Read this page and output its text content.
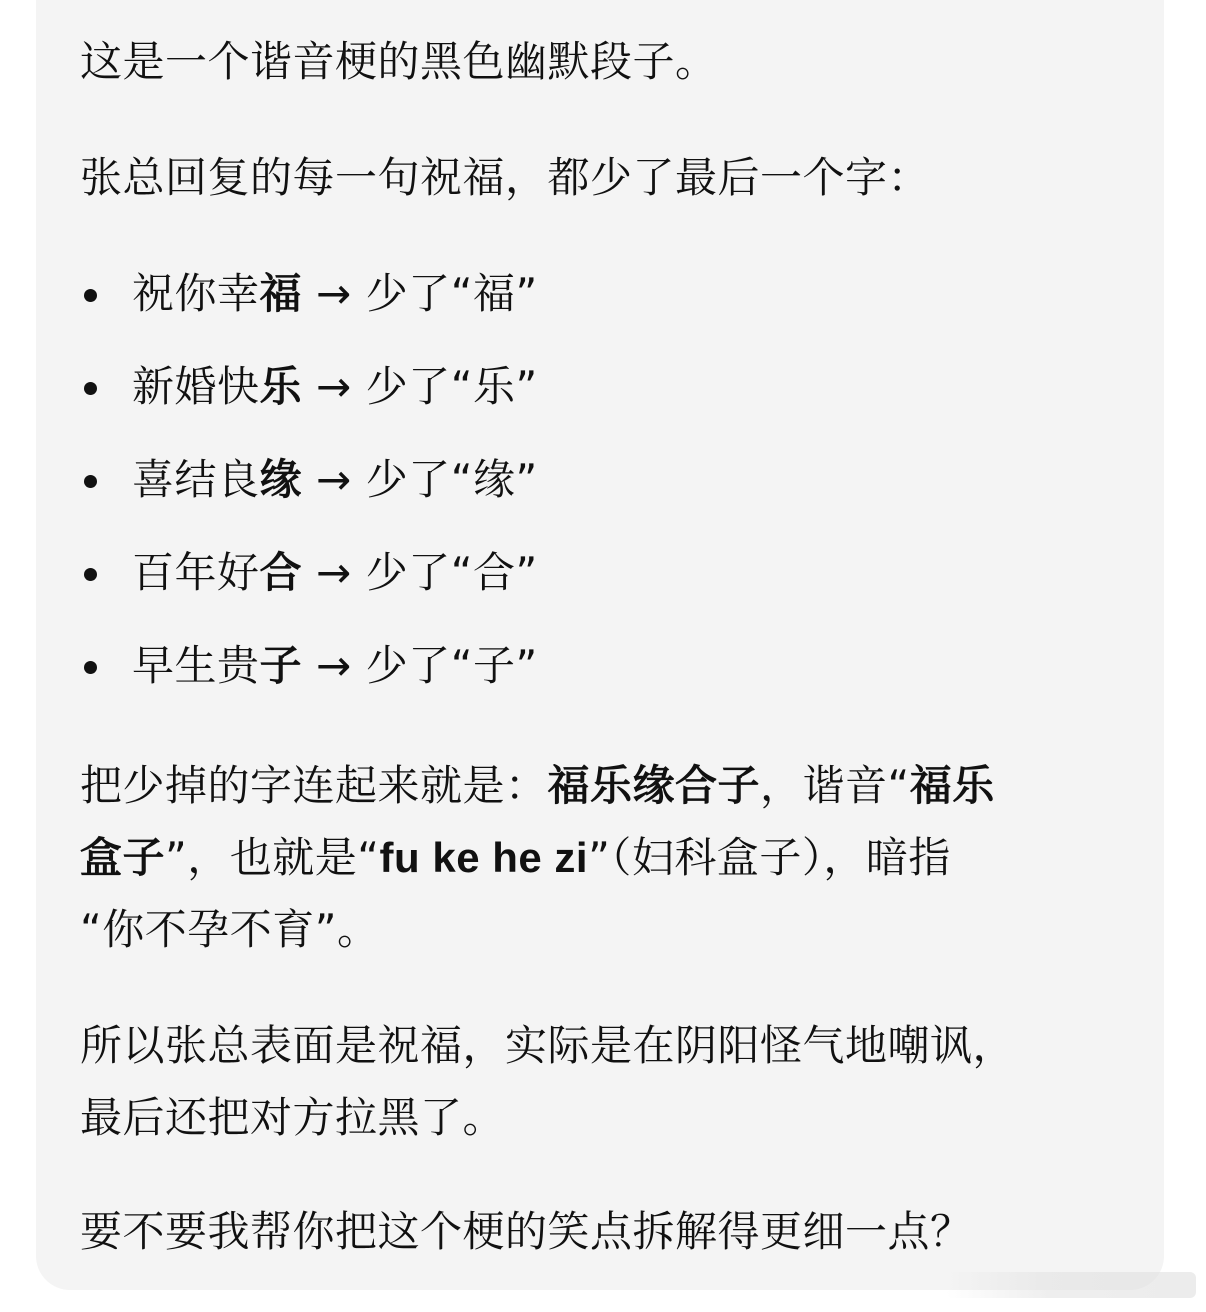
这是一个谐音梗的黑色幽默段子。
张总回复的每一句祝福，都少了最后一个字：
祝你幸福 → 少了“福”
新婚快乐 → 少了“乐”
喜结良缘 → 少了“缘”
百年好合 → 少了“合”
早生贵子 → 少了“子”
把少掉的字连起来就是：福乐缘合子，谐音“福乐
盒子”，也就是“fu ke he zi”（妇科盒子），暗指
“你不孕不育”。
所以张总表面是祝福，实际是在阴阳怪气地嘲讽，
最后还把对方拉黑了。
要不要我帮你把这个梗的笑点拆解得更细一点？
